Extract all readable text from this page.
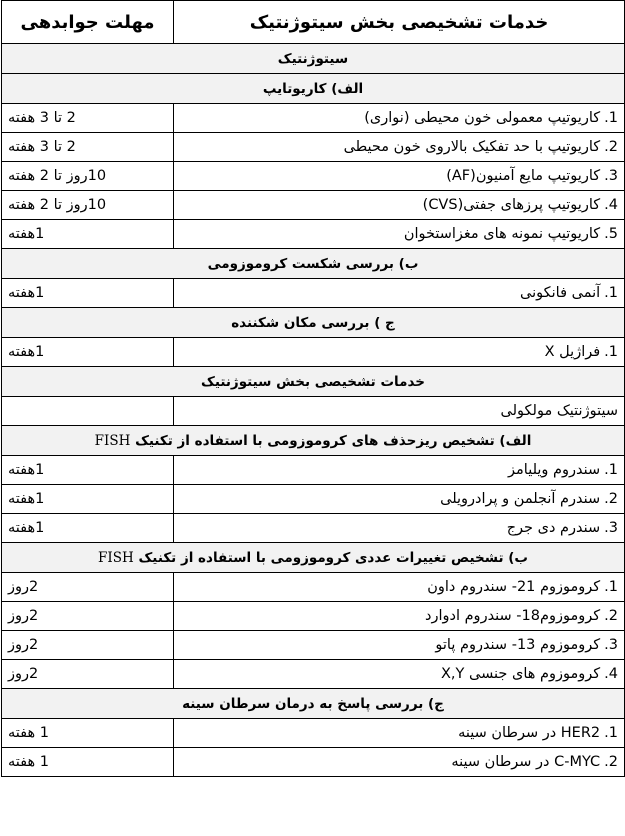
خدمات تشخیصی بخش سیتوژنتیک	مهلت جوابدهی
سیتوژنتیک	
الف) کاریوتایپ	
1.کاریوتیپ معمولی خون محیطی (نواری)	2 تا 3 هفته
2.کاریوتیپ با حد تفکیک بالاروی خون محیطی	2 تا 3 هفته
3.کاریوتیپ مایع آمنیون(AF)	10روز تا 2 هفته
4.کاریوتیپ پرزهای جفتی(CVS)	10روز تا 2 هفته
5.کاریوتیپ نمونه های مغزاستخوان	1هفته
ب) بررسی شکست کروموزومی	
1.آنمی فانکونی	1هفته
ج ) بررسی مکان شکننده	
1.فراژیل X	1هفته
خدمات تشخیصی بخش سیتوژنتیک	
سیتوژنتیک مولکولی	
الف) تشخیص ریزحذف های کروموزومی با استفاده از تکنیک FISH	
1.سندروم ویلیامز	1هفته
2.سندرم آنجلمن و پرادرویلی	1هفته
3.سندرم دی جرج	1هفته
ب) تشخیص تغییرات عددی کروموزومی با استفاده از تکنیک FISH	
1.کروموزوم 21- سندروم داون	2روز
2.کروموزوم18- سندروم ادوارد	2روز
3.کروموزوم 13- سندروم پاتو	2روز
4.کروموزوم های جنسی X,Y	2روز
ج) بررسی پاسخ به درمان سرطان سینه	
1.HER2 در سرطان سینه	1 هفته
2.C-MYC در سرطان سینه	1 هفته
